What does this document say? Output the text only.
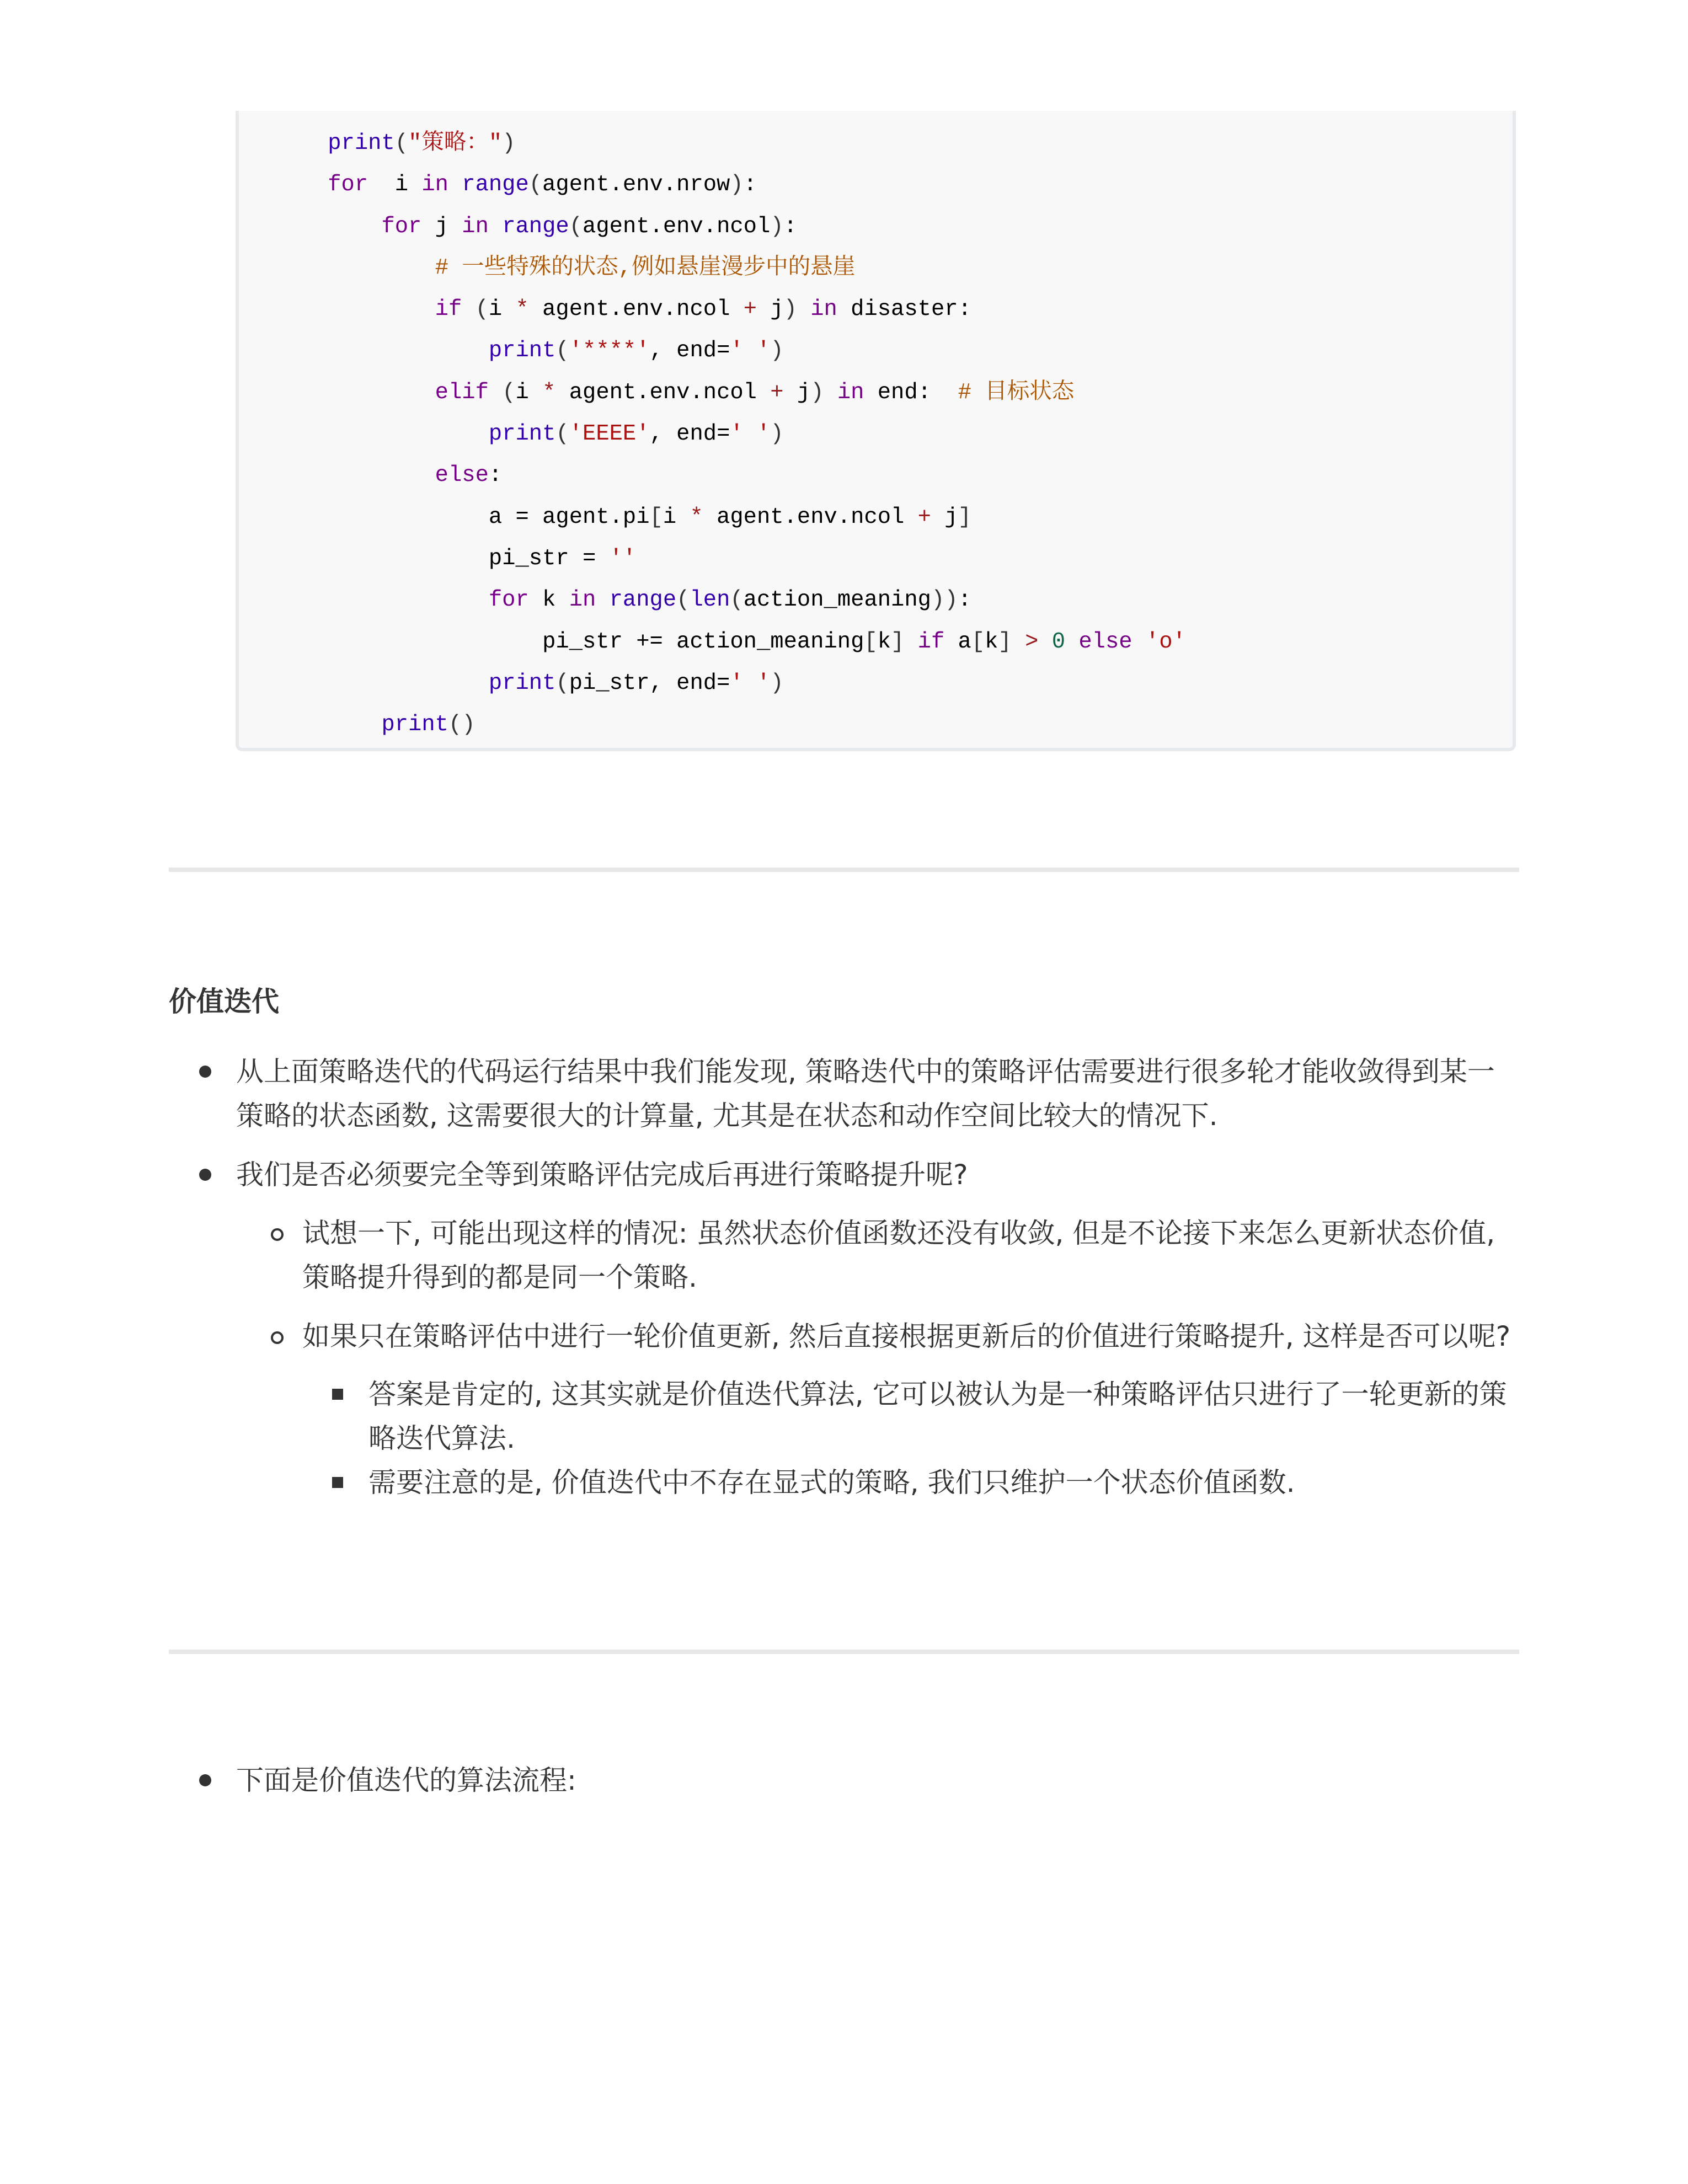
print("策略：")
for  i in range(agent.env.nrow):
for j in range(agent.env.ncol):
# 一些特殊的状态,例如悬崖漫步中的悬崖
if (i * agent.env.ncol + j) in disaster:
print('****', end=' ')
elif (i * agent.env.ncol + j) in end:  # 目标状态
print('EEEE', end=' ')
else:
a = agent.pi[i * agent.env.ncol + j]
pi_str = ''
for k in range(len(action_meaning)):
pi_str += action_meaning[k] if a[k] > 0 else 'o'
print(pi_str, end=' ')
print()
价值迭代
从上面策略迭代的代码运行结果中我们能发现, 策略迭代中的策略评估需要进行很多轮才能收敛得到某一策略的状态函数, 这需要很大的计算量, 尤其是在状态和动作空间比较大的情况下.
我们是否必须要完全等到策略评估完成后再进行策略提升呢?
试想一下, 可能出现这样的情况: 虽然状态价值函数还没有收敛, 但是不论接下来怎么更新状态价值, 策略提升得到的都是同一个策略.
如果只在策略评估中进行一轮价值更新, 然后直接根据更新后的价值进行策略提升, 这样是否可以呢?
答案是肯定的, 这其实就是价值迭代算法, 它可以被认为是一种策略评估只进行了一轮更新的策略迭代算法.
需要注意的是, 价值迭代中不存在显式的策略, 我们只维护一个状态价值函数.
下面是价值迭代的算法流程:
